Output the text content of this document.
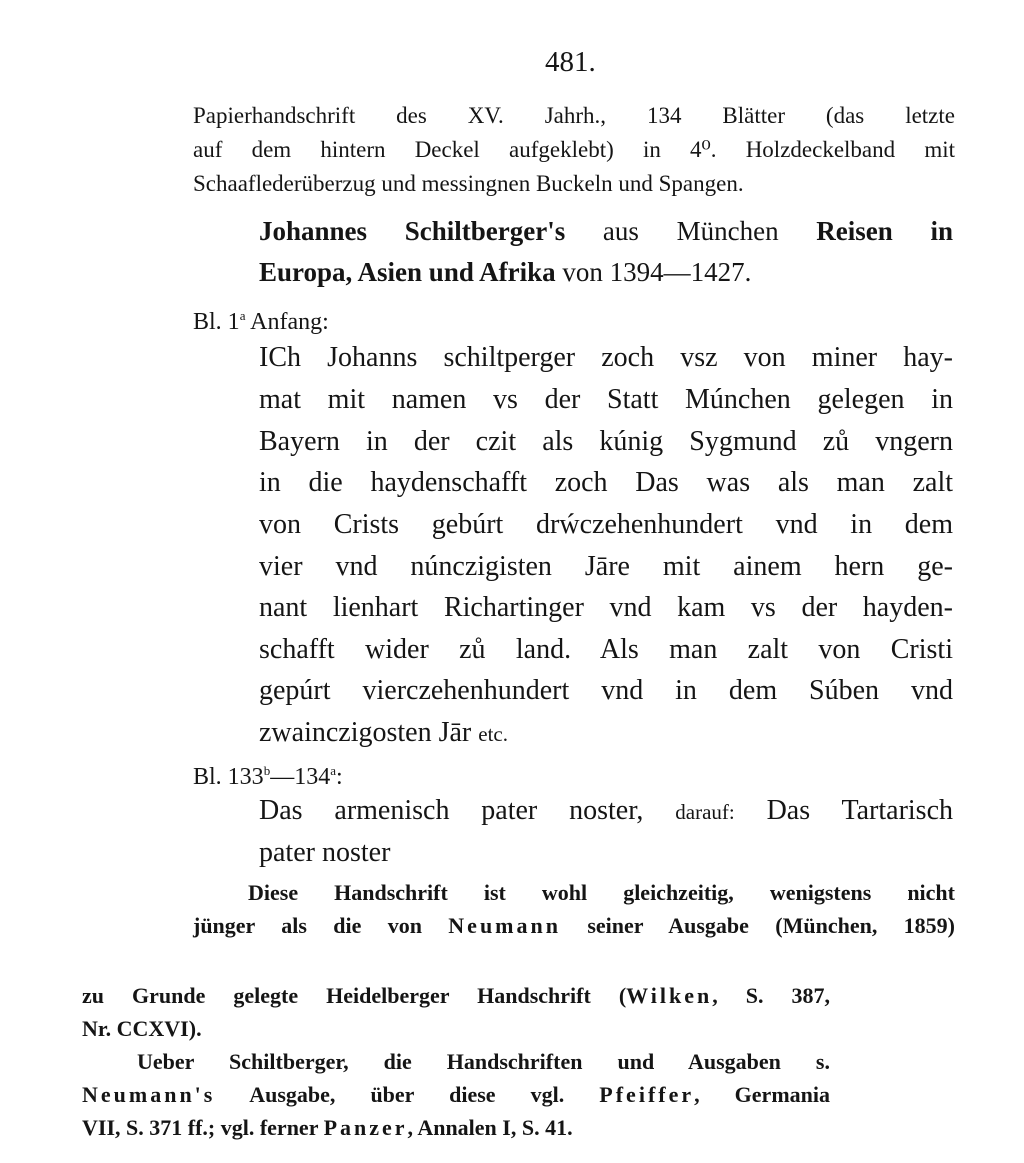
481.
Papierhandschrift des XV. Jahrh., 134 Blätter (das letzte
auf dem hintern Deckel aufgeklebt) in 4⁰. Holzdeckelband mit
Schaaflederüberzug und messingnen Buckeln und Spangen.
Johannes Schiltberger's aus München Reisen in
Europa, Asien und Afrika von 1394—1427.
Bl. 1$^a$ Anfang:
ICh Johanns schiltperger zoch vsz von miner hay-
mat mit namen vs der Statt Múnchen gelegen in
Bayern in der czit als kúnig Sygmund zů vngern
in die haydenschafft zoch Das was als man zalt
von Crists gebúrt drẃczehenhundert vnd in dem
vier vnd núnczigisten Jāre mit ainem hern ge-
nant lienhart Richartinger vnd kam vs der hayden-
schafft wider zů land. Als man zalt von Cristi
gepúrt vierczehenhundert vnd in dem Súben vnd
zwainczigosten Jār etc.
Bl. 133$^b$—134$^a$:
Das armenisch pater noster, darauf: Das Tartarisch
pater noster
Diese Handschrift ist wohl gleichzeitig, wenigstens nicht
jünger als die von Neumann seiner Ausgabe (München, 1859)
zu Grunde gelegte Heidelberger Handschrift (Wilken, S. 387,
Nr. CCXVI).
Ueber Schiltberger, die Handschriften und Ausgaben s.
Neumann's Ausgabe, über diese vgl. Pfeiffer, Germania
VII, S. 371 ff.; vgl. ferner Panzer, Annalen I, S. 41.
